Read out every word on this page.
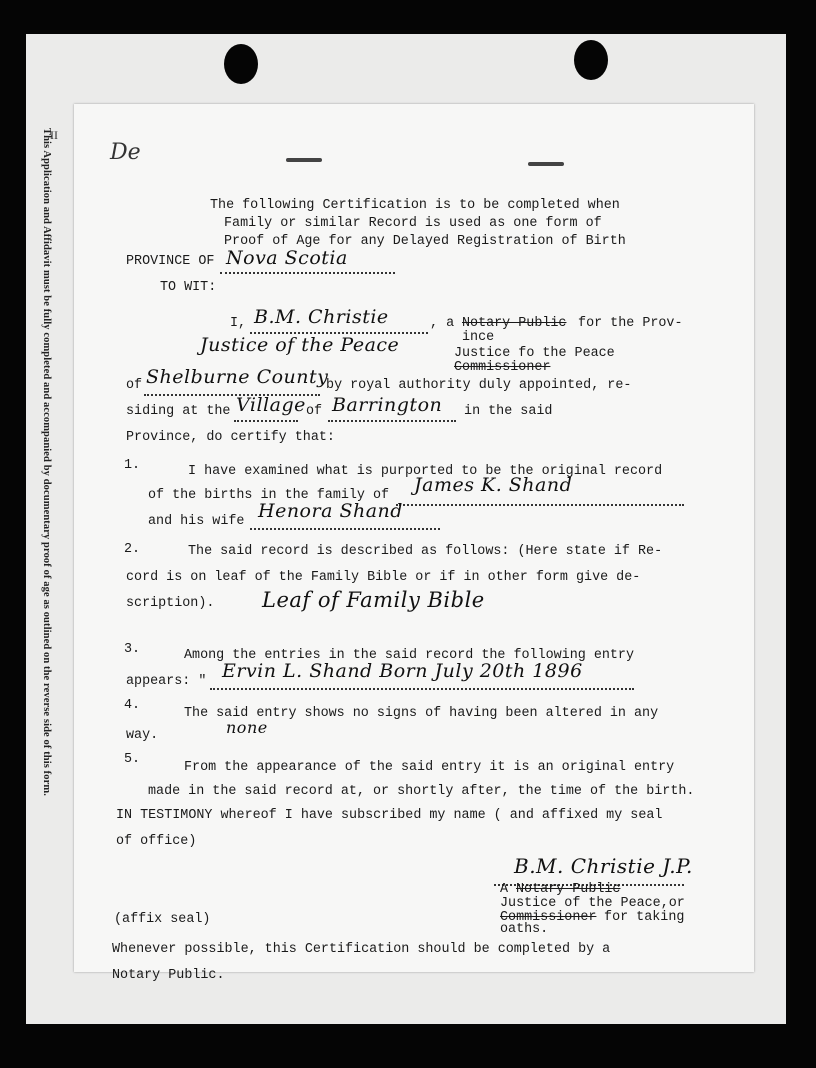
This Application and Affidavit must be fully completed and accompanied by documentary proof of age as outlined on the reverse side of this form.
II
The following Certification is to be completed when
Family or similar Record is used as one form of
Proof of Age for any Delayed Registration of Birth
PROVINCE OF Nova Scotia
TO WIT:
I, B.M. Christie	, a Notary Public for the Prov-
ince
Justice of the Peace	Justice fo the Peace
Commissioner
of Shelburne County
by royal authority duly appointed, re-
siding at the Village of Barrington in the said
Province, do certify that:
1.	I have examined what is purported to be the original record
of the births in the family of James K. Shand
and his wife Henora Shand
2.	The said record is described as follows: (Here state if Re-
cord is on leaf of the Family Bible or if in other form give de-
scription). Leaf of Family Bible
3.	Among the entries in the said record the following entry
appears: " Ervin L. Shand Born July 20th 1896
4.
The said entry shows no signs of having been altered in any
way.	none
5.
From the appearance of the said entry it is an original entry
made in the said record at, or shortly after, the time of the birth.
IN TESTIMONY whereof I have subscribed my name ( and affixed my seal
of office)
B.M. Christie J.P.
A Notary Public
Justice of the Peace,or
Commissioner for taking
oaths.
(affix seal)
Whenever possible, this Certification should be completed by a
Notary Public.
De
